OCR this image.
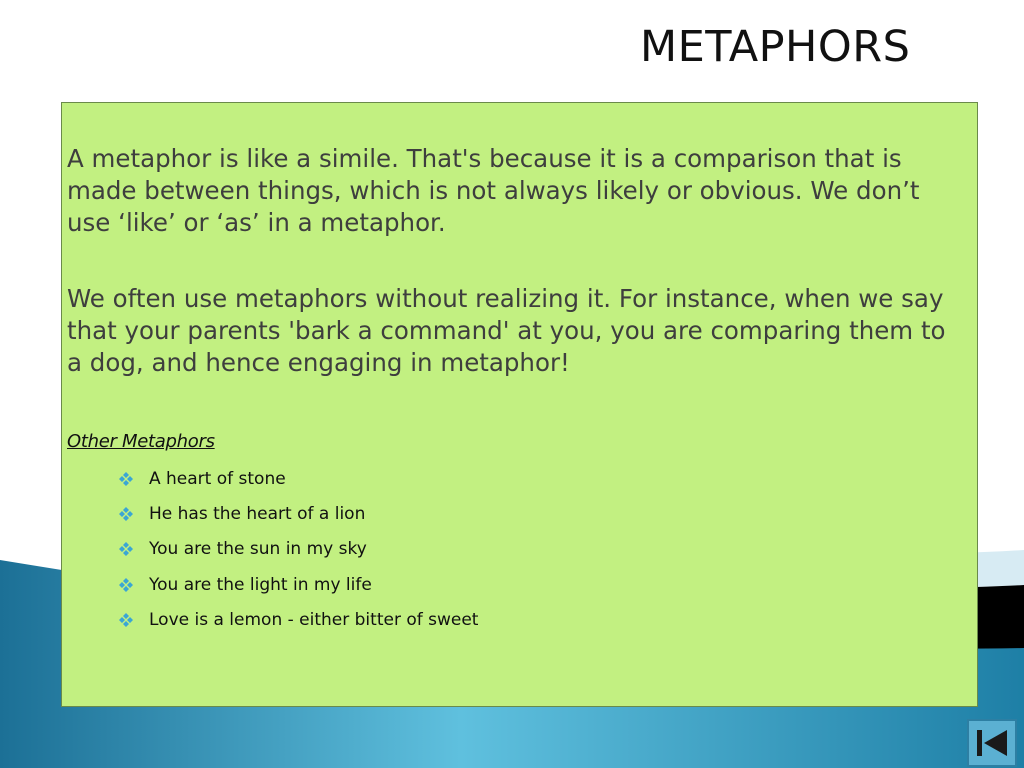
METAPHORS

A metaphor is like a simile. That's because it is a comparison that is made between things, which is not always likely or obvious. We don’t use ‘like’ or ‘as’ in a metaphor.

We often use metaphors without realizing it. For instance, when we say that your parents 'bark a command' at you, you are comparing them to a dog, and hence engaging in metaphor!

Other Metaphors
A heart of stone
He has the heart of a lion
You are the sun in my sky
You are the light in my life
Love is a lemon - either bitter of sweet
